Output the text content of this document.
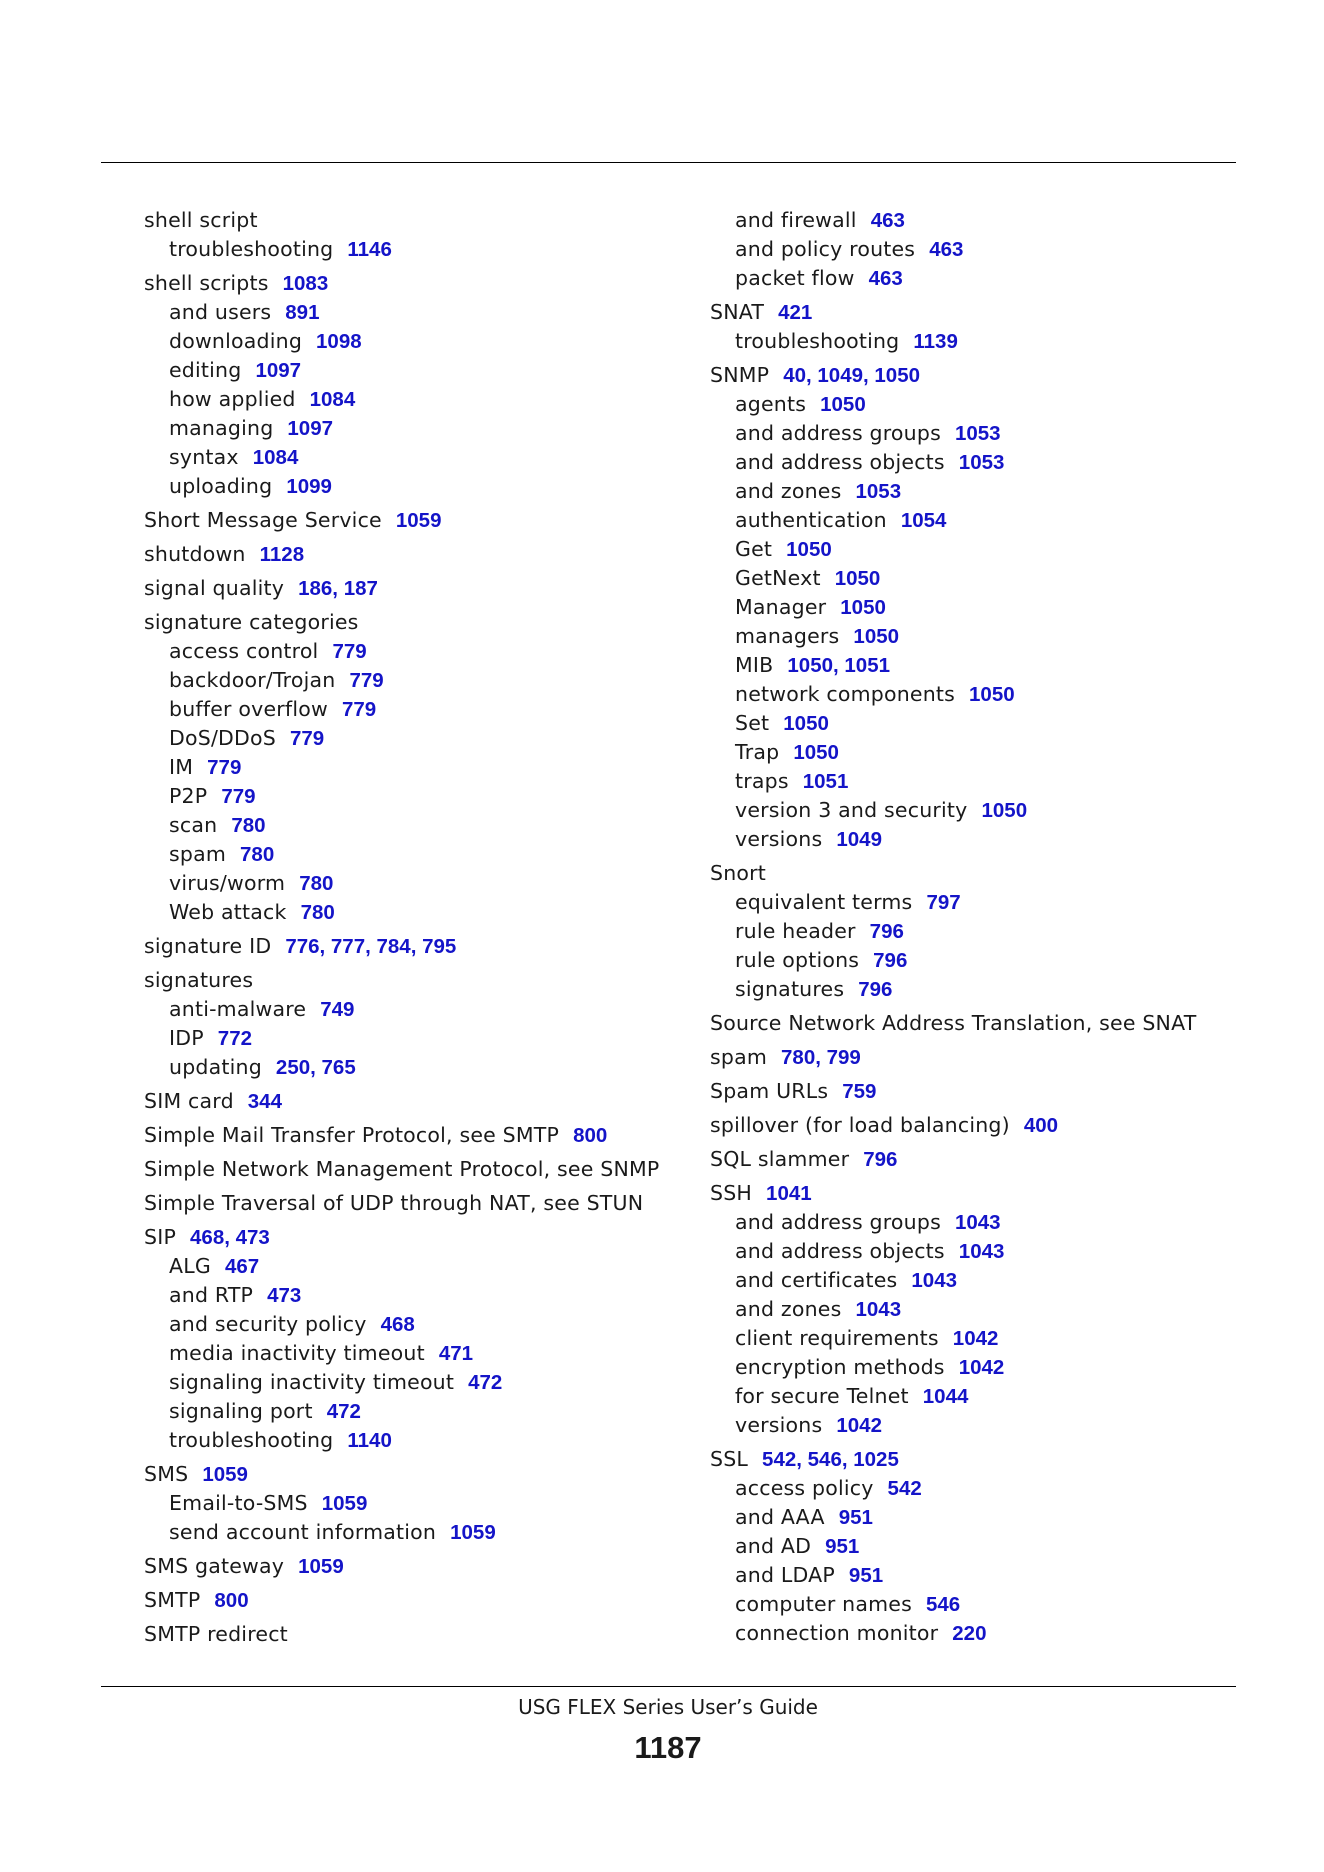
shell script
troubleshooting 1146
shell scripts 1083
and users 891
downloading 1098
editing 1097
how applied 1084
managing 1097
syntax 1084
uploading 1099
Short Message Service 1059
shutdown 1128
signal quality 186, 187
signature categories
access control 779
backdoor/Trojan 779
buffer overflow 779
DoS/DDoS 779
IM 779
P2P 779
scan 780
spam 780
virus/worm 780
Web attack 780
signature ID 776, 777, 784, 795
signatures
anti-malware 749
IDP 772
updating 250, 765
SIM card 344
Simple Mail Transfer Protocol, see SMTP 800
Simple Network Management Protocol, see SNMP
Simple Traversal of UDP through NAT, see STUN
SIP 468, 473
ALG 467
and RTP 473
and security policy 468
media inactivity timeout 471
signaling inactivity timeout 472
signaling port 472
troubleshooting 1140
SMS 1059
Email-to-SMS 1059
send account information 1059
SMS gateway 1059
SMTP 800
SMTP redirect
and firewall 463
and policy routes 463
packet flow 463
SNAT 421
troubleshooting 1139
SNMP 40, 1049, 1050
agents 1050
and address groups 1053
and address objects 1053
and zones 1053
authentication 1054
Get 1050
GetNext 1050
Manager 1050
managers 1050
MIB 1050, 1051
network components 1050
Set 1050
Trap 1050
traps 1051
version 3 and security 1050
versions 1049
Snort
equivalent terms 797
rule header 796
rule options 796
signatures 796
Source Network Address Translation, see SNAT
spam 780, 799
Spam URLs 759
spillover (for load balancing) 400
SQL slammer 796
SSH 1041
and address groups 1043
and address objects 1043
and certificates 1043
and zones 1043
client requirements 1042
encryption methods 1042
for secure Telnet 1044
versions 1042
SSL 542, 546, 1025
access policy 542
and AAA 951
and AD 951
and LDAP 951
computer names 546
connection monitor 220
USG FLEX Series User’s Guide
1187
